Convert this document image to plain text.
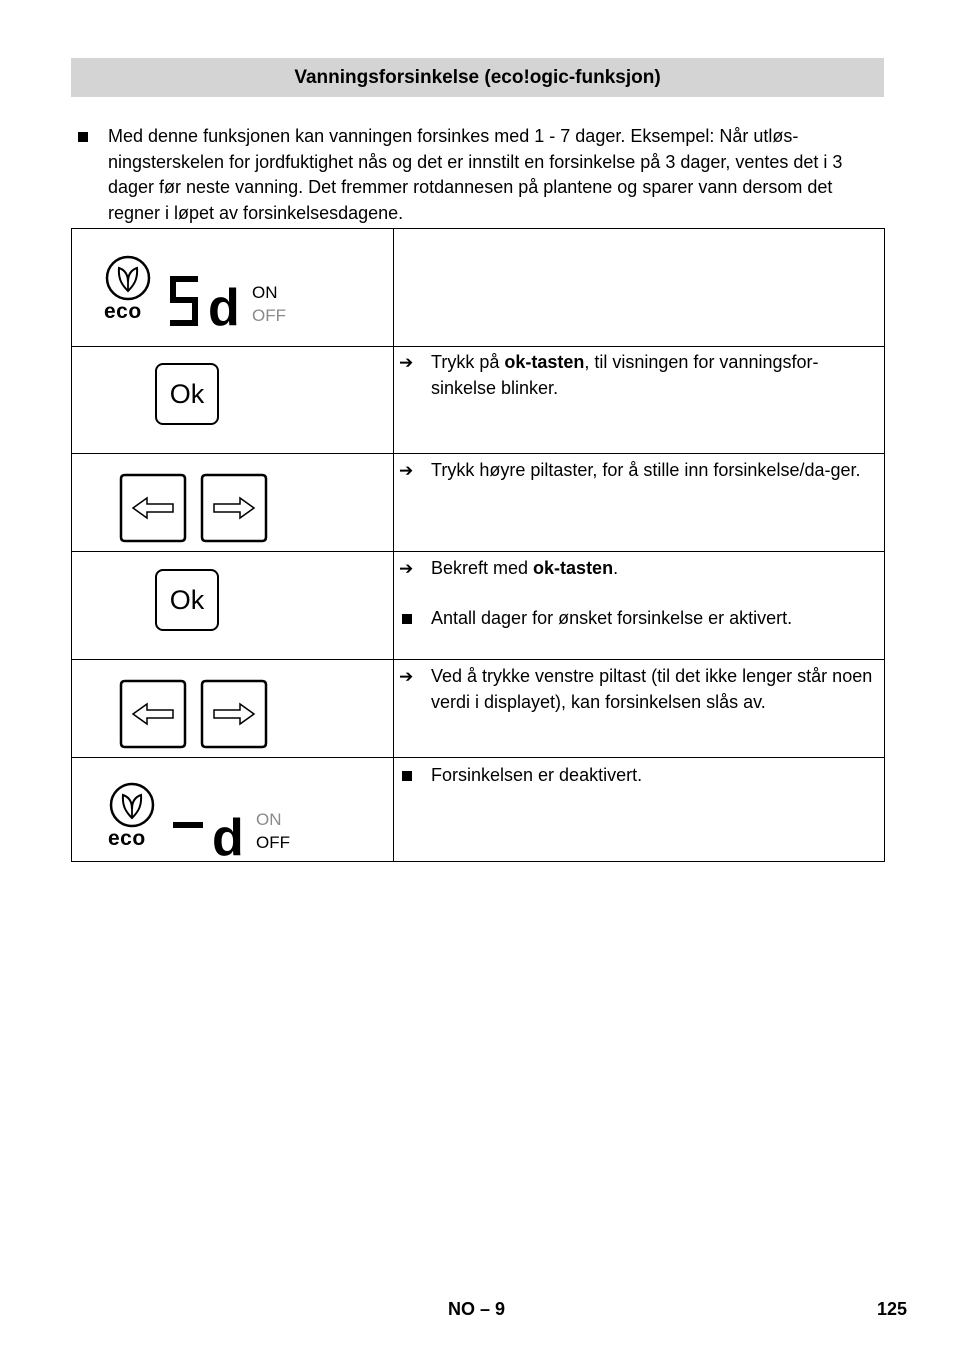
Vanningsforsinkelse (eco!ogic-funksjon)

Med denne funksjonen kan vanningen forsinkes med 1 - 7 dager. Eksempel: Når utløs-ningsterskelen for jordfuktighet nås og det er innstilt en forsinkelse på 3 dager, ventes det i 3 dager før neste vanning. Det fremmer rotdannesen på plantene og sparer vann dersom det regner i løpet av forsinkelsesdagene.

eco d ON
OFF	

Ok	➔ Trykk på ok-tasten, til visningen for vanningsfor-sinkelse blinker.

➔ Trykk høyre piltaster, for å stille inn forsinkelse/da-ger.

Ok	➔ Bekreft med ok-tasten.
Antall dager for ønsket forsinkelse er aktivert.

➔ Ved å trykke venstre piltast (til det ikke lenger står noen verdi i displayet), kan forsinkelsen slås av.

eco d ON
OFF	Forsinkelsen er deaktivert.
NO – 9	125
